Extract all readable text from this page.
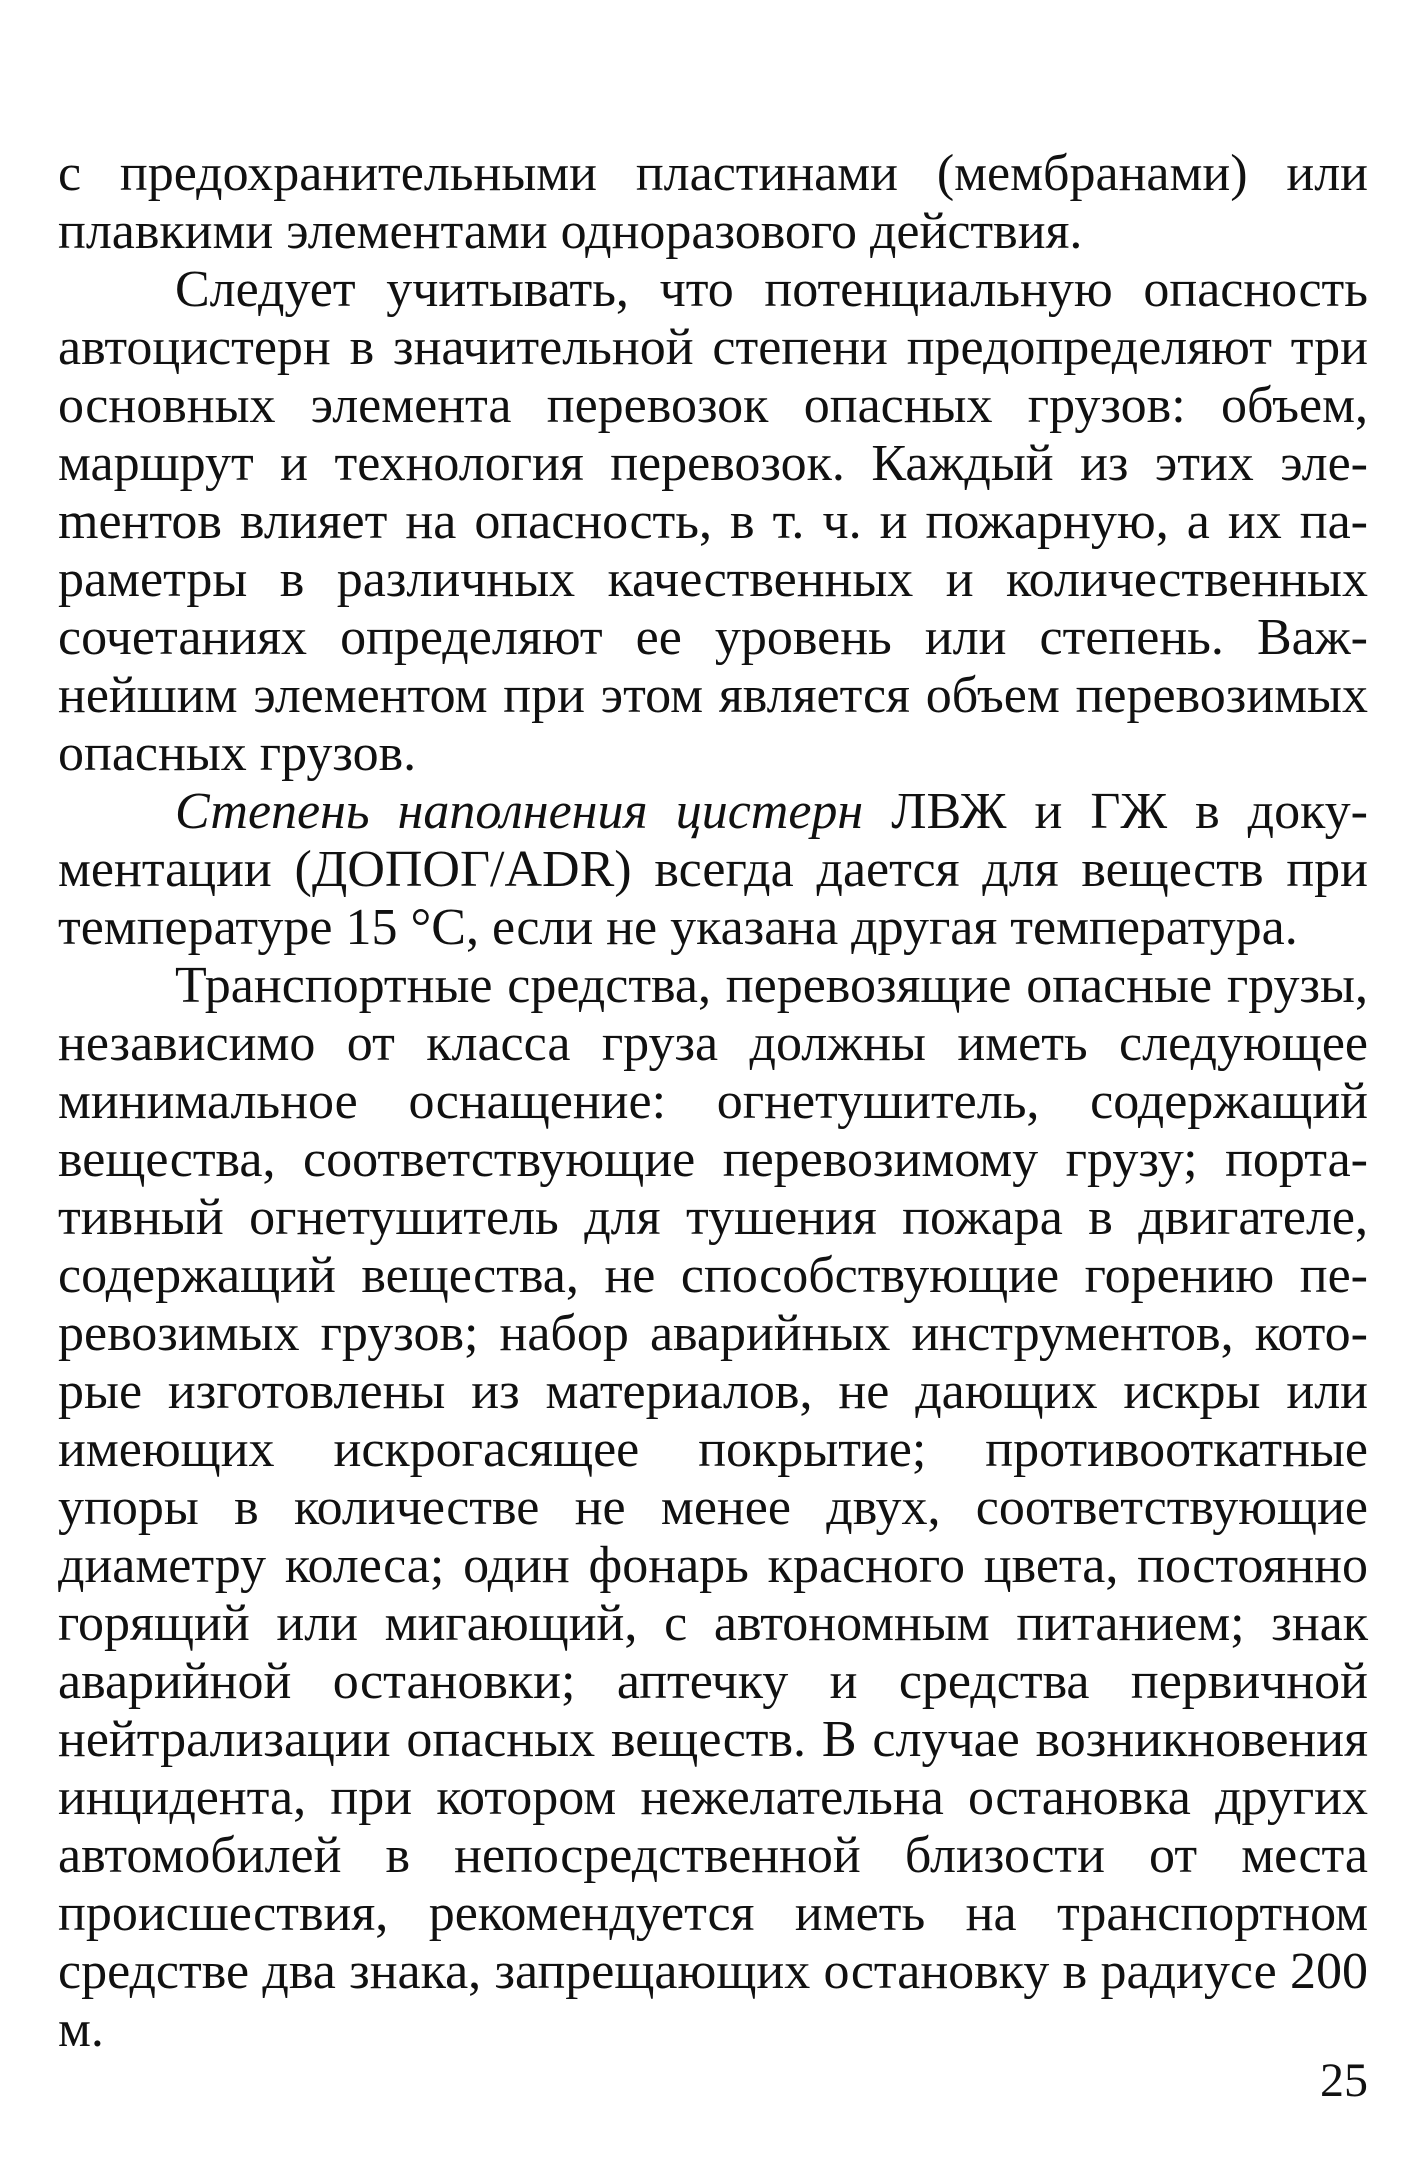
с предохранительными пластинами (мембранами) или плавкими элементами одноразового действия.

Следует учитывать, что потенциальную опасность автоцистерн в значительной степени предопределяют три основных элемента перевозок опасных грузов: объем, маршрут и технология перевозок. Каждый из этих элеmентов влияет на опасность, в т. ч. и пожарную, а их параметры в различных качественных и количественных сочетаниях определяют ее уровень или степень. Важнейшим элементом при этом является объем перевозимых опасных грузов.

Степень наполнения цистерн ЛВЖ и ГЖ в документации (ДОПОГ/ADR) всегда дается для веществ при температуре 15 °С, если не указана другая температура.

Транспортные средства, перевозящие опасные грузы, независимо от класса груза должны иметь следующее минимальное оснащение: огнетушитель, содержащий вещества, соответствующие перевозимому грузу; портативный огнетушитель для тушения пожара в двигателе, содержащий вещества, не способствующие горению перевозимых грузов; набор аварийных инструментов, которые изготовлены из материалов, не дающих искры или имеющих искрогасящее покрытие; противооткатные упоры в количестве не менее двух, соответствующие диаметру колеса; один фонарь красного цвета, постоянно горящий или мигающий, с автономным питанием; знак аварийной остановки; аптечку и средства первичной нейтрализации опасных веществ. В случае возникновения инцидента, при котором нежелательна остановка других автомобилей в непосредственной близости от места происшествия, рекомендуется иметь на транспортном средстве два знака, запрещающих остановку в радиусе 200 м.

25
